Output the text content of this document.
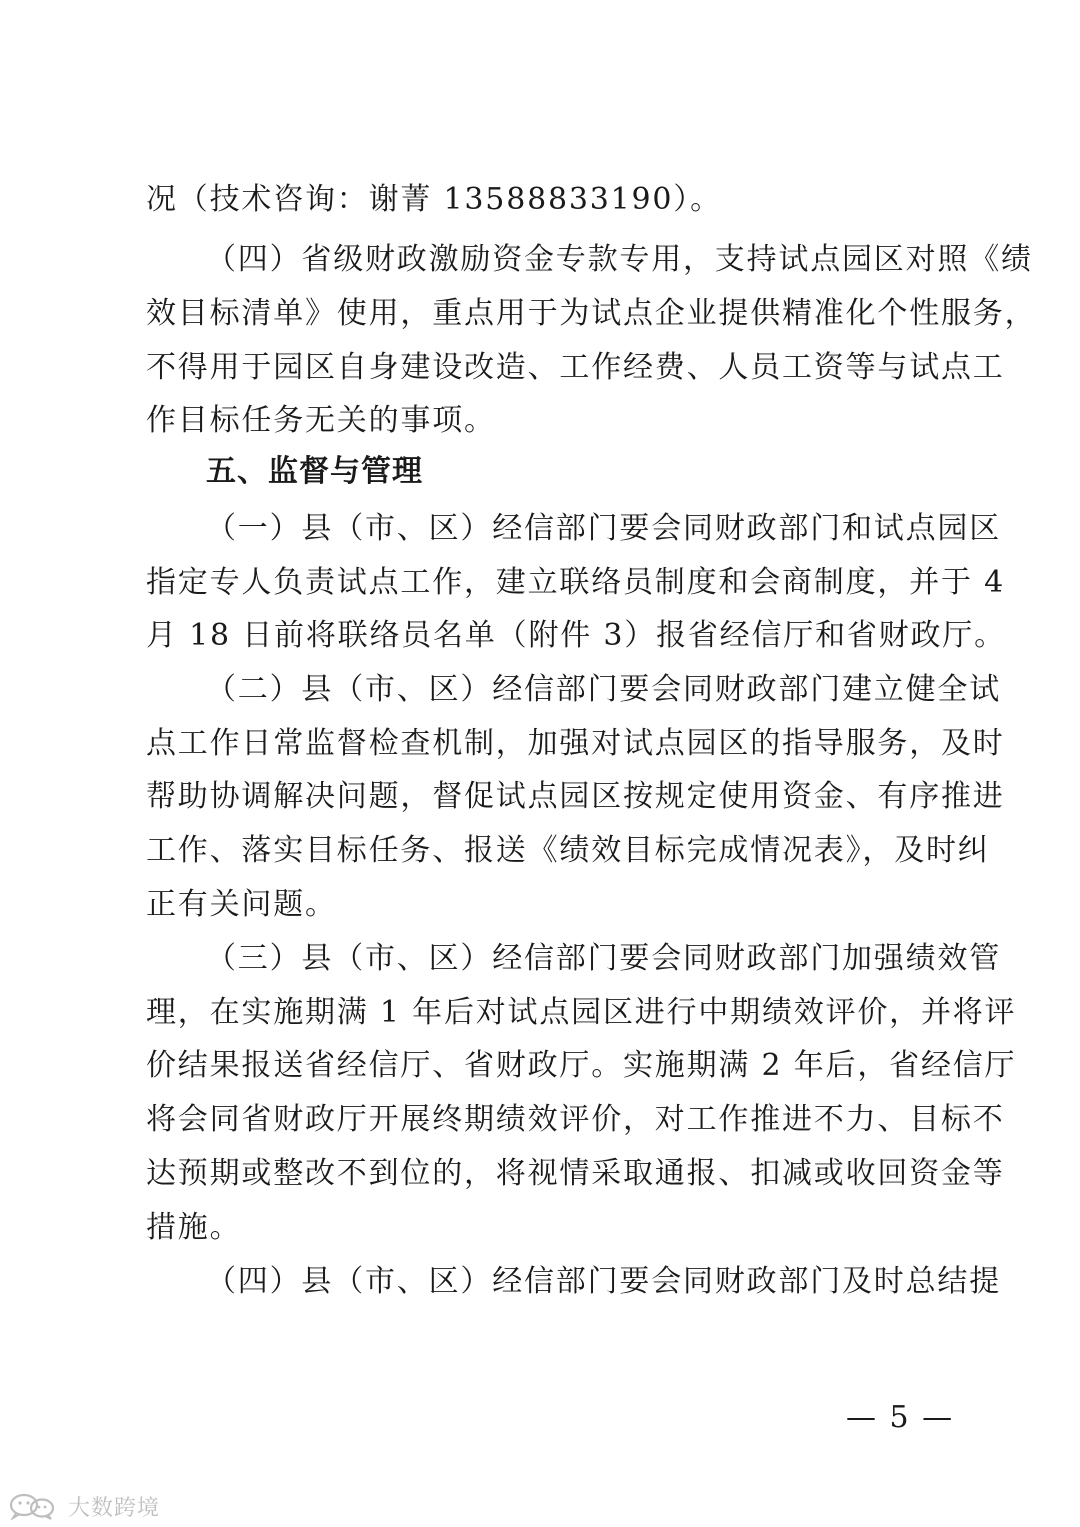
况（技术咨询：谢菁 13588833190）。
（四）省级财政激励资金专款专用，支持试点园区对照《绩
效目标清单》使用，重点用于为试点企业提供精准化个性服务，
不得用于园区自身建设改造、工作经费、人员工资等与试点工
作目标任务无关的事项。
五、监督与管理
（一）县（市、区）经信部门要会同财政部门和试点园区
指定专人负责试点工作，建立联络员制度和会商制度，并于 4
月 18 日前将联络员名单（附件 3）报省经信厅和省财政厅。
（二）县（市、区）经信部门要会同财政部门建立健全试
点工作日常监督检查机制，加强对试点园区的指导服务，及时
帮助协调解决问题，督促试点园区按规定使用资金、有序推进
工作、落实目标任务、报送《绩效目标完成情况表》，及时纠
正有关问题。
（三）县（市、区）经信部门要会同财政部门加强绩效管
理，在实施期满 1 年后对试点园区进行中期绩效评价，并将评
价结果报送省经信厅、省财政厅。实施期满 2 年后，省经信厅
将会同省财政厅开展终期绩效评价，对工作推进不力、目标不
达预期或整改不到位的，将视情采取通报、扣减或收回资金等
措施。
（四）县（市、区）经信部门要会同财政部门及时总结提
— 5 —
大数跨境
